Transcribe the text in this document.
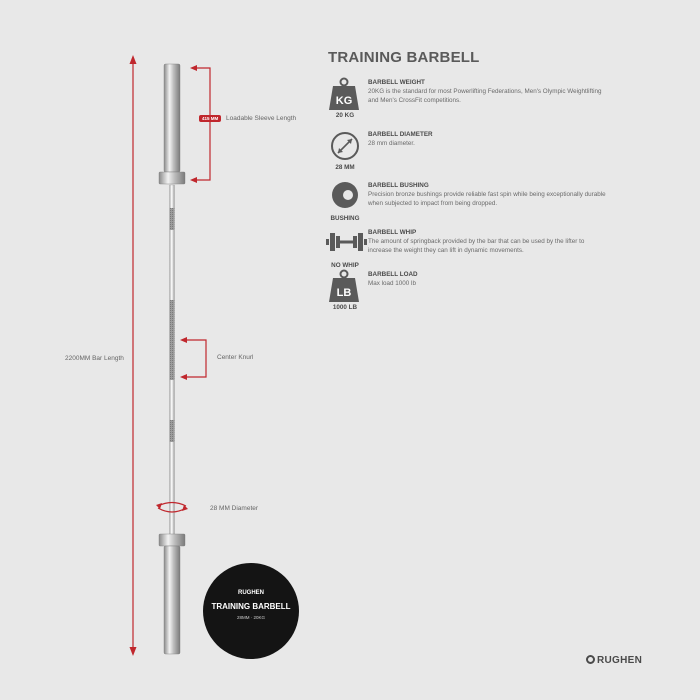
KG
LB
2200MM Bar Length
415 MM	Loadable Sleeve Length
Center Knurl
28 MM Diameter
TRAINING BARBELL
20 KG
BARBELL WEIGHT
20KG is the standard for most Powerlifting Federations, Men's Olympic Weightlifting and Men's CrossFit competitions.
28 MM
BARBELL DIAMETER
28 mm diameter.
BUSHING
BARBELL BUSHING
Precision bronze bushings provide reliable fast spin while being exceptionally durable when subjected to impact from being dropped.
NO WHIP
BARBELL WHIP
The amount of springback provided by the bar that can be used by the lifter to increase the weight they can lift in dynamic movements.
1000 LB
BARBELL LOAD
Max load 1000 lb
RUGHEN
TRAINING BARBELL
28MM · 20KG
RUGHEN
